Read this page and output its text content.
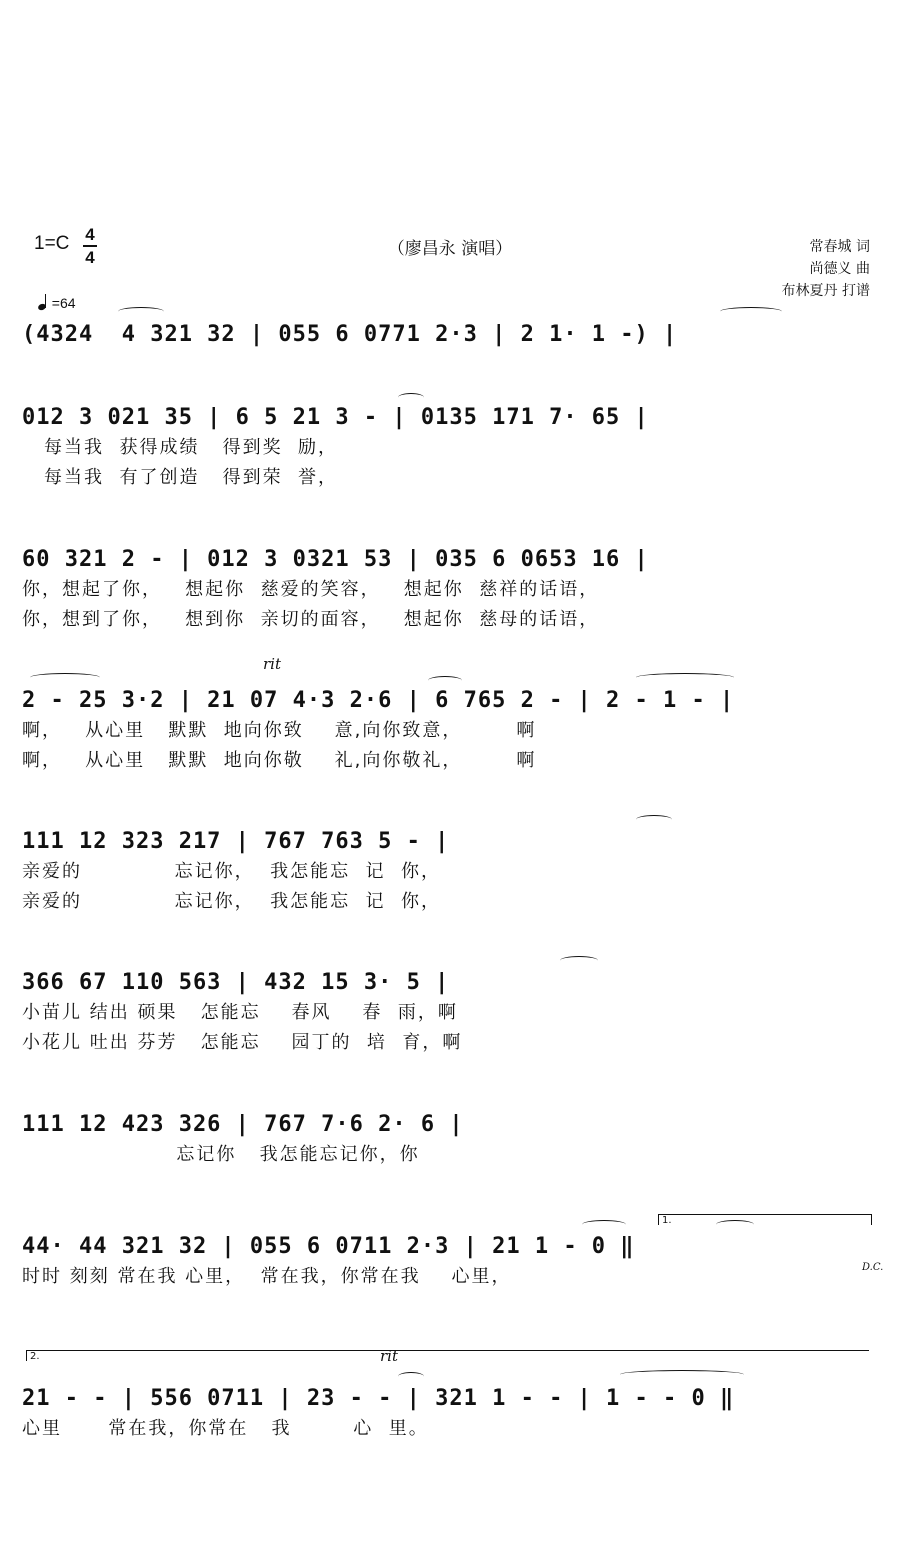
1=C 4
4

=64

（廖昌永 演唱）	常春城 词
尚德义 曲
布林夏丹 打谱
(4324  4 321 32 | 055 6 0771 2·3 | 2 1· 1 -) |
012 3 021 35 | 6 5 21 3 - | 0135 171 7· 65 |
每当我  获得成绩   得到奖  励，
每当我  有了创造   得到荣  誉，
60 321 2 - | 012 3 0321 53 | 035 6 0653 16 |
你，想起了你，   想起你  慈爱的笑容，   想起你  慈祥的话语，
你，想到了你，   想到你  亲切的面容，   想起你  慈母的话语，
rit
2 - 25 3·2 | 21 07 4·3 2·6 | 6 765 2 - | 2 - 1 - |
啊，   从心里   默默  地向你致    意,向你致意，       啊
啊，   从心里   默默  地向你敬    礼,向你敬礼，       啊
111 12 323 217 | 767 763 5 - |
亲爱的            忘记你，  我怎能忘  记  你，
亲爱的            忘记你，  我怎能忘  记  你，
366 67 110 563 | 432 15 3· 5 |
小苗儿 结出 硕果   怎能忘    春风    春  雨，啊
小花儿 吐出 芬芳   怎能忘    园丁的  培  育，啊
111 12 423 326 | 767 7·6 2· 6 |
忘记你   我怎能忘记你，你
1.
44· 44 321 32 | 055 6 0711 2·3 | 21 1 - 0 ‖
时时 刻刻 常在我 心里，  常在我，你常在我    心里，	D.C.
2.	rit
21 - - | 556 0711 | 23 - - | 321 1 - - | 1 - - 0 ‖
心里      常在我，你常在   我        心  里。
